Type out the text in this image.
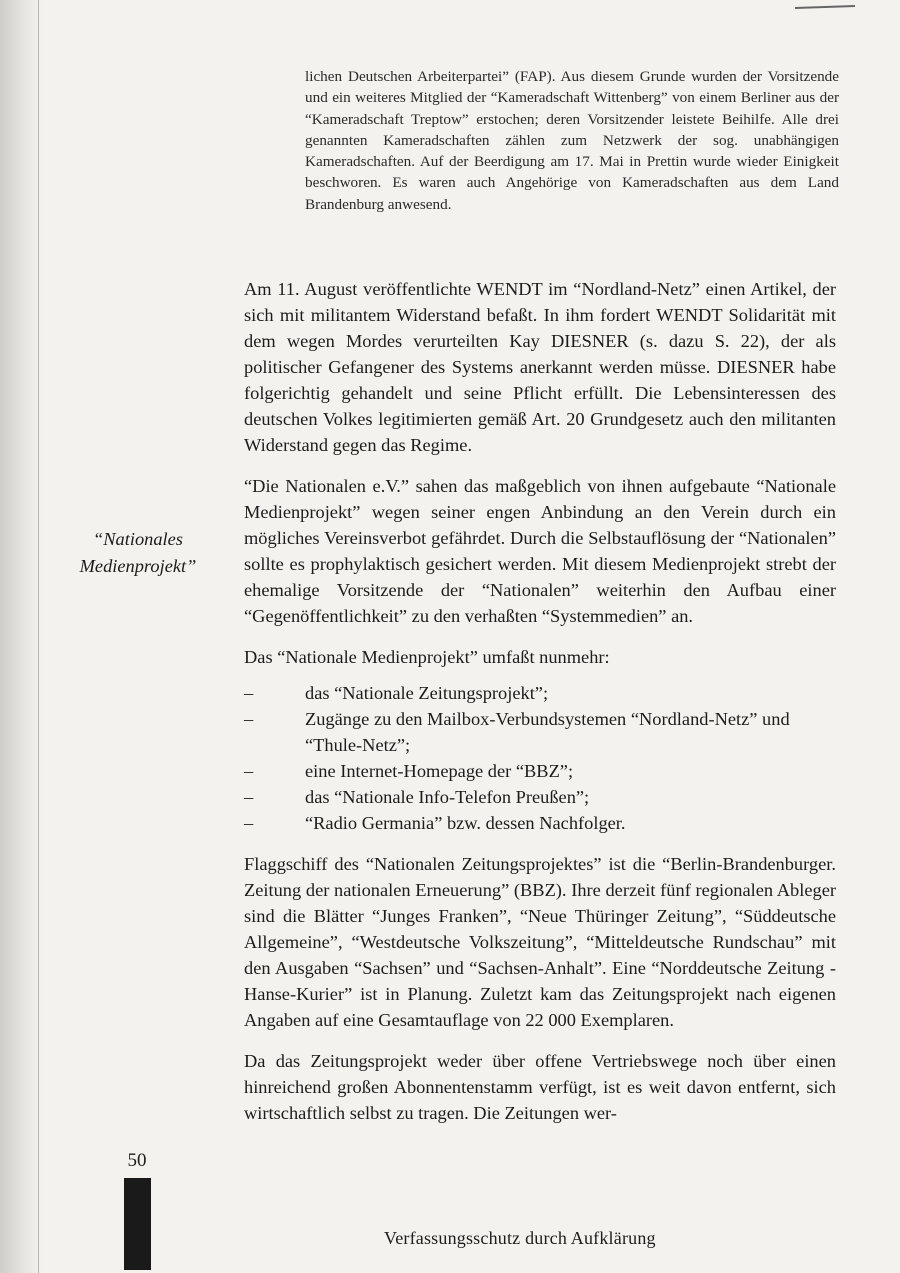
lichen Deutschen Arbeiterpartei” (FAP). Aus diesem Grunde wurden der Vorsitzende und ein weiteres Mitglied der “Kameradschaft Wittenberg” von einem Berliner aus der “Kameradschaft Treptow” erstochen; deren Vorsitzender leistete Beihilfe. Alle drei genannten Kameradschaften zählen zum Netzwerk der sog. unabhängigen Kameradschaften. Auf der Beerdigung am 17. Mai in Prettin wurde wieder Einigkeit beschworen. Es waren auch Angehörige von Kameradschaften aus dem Land Brandenburg anwesend.
“Nationales Medienprojekt”

Am 11. August veröffentlichte WENDT im “Nordland-Netz” einen Artikel, der sich mit militantem Widerstand befaßt. In ihm fordert WENDT Solidarität mit dem wegen Mordes verurteilten Kay DIESNER (s. dazu S. 22), der als politischer Gefangener des Systems anerkannt werden müsse. DIESNER habe folgerichtig gehandelt und seine Pflicht erfüllt. Die Lebensinteressen des deutschen Volkes legitimierten gemäß Art. 20 Grundgesetz auch den militanten Widerstand gegen das Regime.

“Die Nationalen e.V.” sahen das maßgeblich von ihnen aufgebaute “Nationale Medienprojekt” wegen seiner engen Anbindung an den Verein durch ein mögliches Vereinsverbot gefährdet. Durch die Selbstauflösung der “Nationalen” sollte es prophylaktisch gesichert werden. Mit diesem Medienprojekt strebt der ehemalige Vorsitzende der “Nationalen” weiterhin den Aufbau einer “Gegenöffentlichkeit” zu den verhaßten “Systemmedien” an.

Das “Nationale Medienprojekt” umfaßt nunmehr:

–	das “Nationale Zeitungsprojekt”;
–	Zugänge zu den Mailbox-Verbundsystemen “Nordland-Netz” und “Thule-Netz”;
–	eine Internet-Homepage der “BBZ”;
–	das “Nationale Info-Telefon Preußen”;
–	“Radio Germania” bzw. dessen Nachfolger.

Flaggschiff des “Nationalen Zeitungsprojektes” ist die “Berlin-Brandenburger. Zeitung der nationalen Erneuerung” (BBZ). Ihre derzeit fünf regionalen Ableger sind die Blätter “Junges Franken”, “Neue Thüringer Zeitung”, “Süddeutsche Allgemeine”, “Westdeutsche Volkszeitung”, “Mitteldeutsche Rundschau” mit den Ausgaben “Sachsen” und “Sachsen-Anhalt”. Eine “Norddeutsche Zeitung - Hanse-Kurier” ist in Planung. Zuletzt kam das Zeitungsprojekt nach eigenen Angaben auf eine Gesamtauflage von 22 000 Exemplaren.

Da das Zeitungsprojekt weder über offene Vertriebswege noch über einen hinreichend großen Abonnentenstamm verfügt, ist es weit davon entfernt, sich wirtschaftlich selbst zu tragen. Die Zeitungen wer-

50
Verfassungsschutz durch Aufklärung
